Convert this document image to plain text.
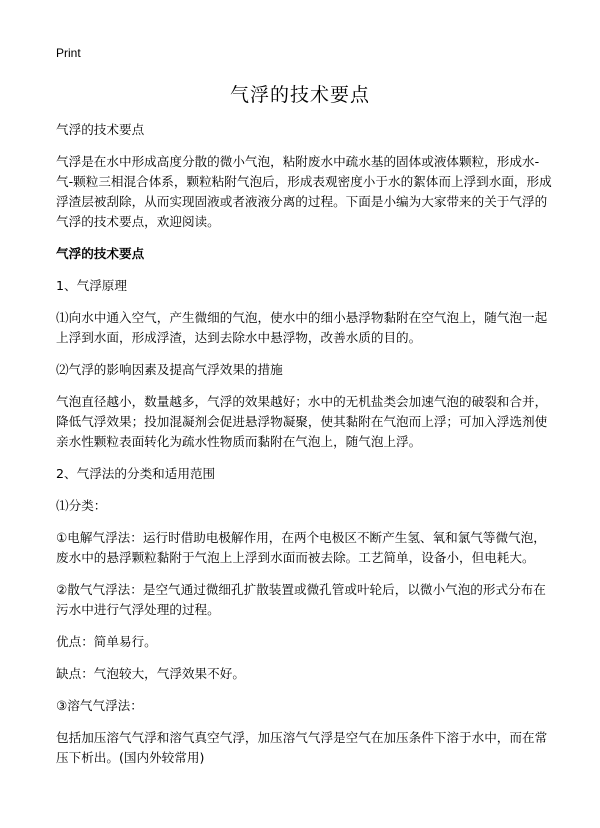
Print
气浮的技术要点

气浮的技术要点

气浮是在水中形成高度分散的微小气泡，粘附废水中疏水基的固体或液体颗粒，形成水-气-颗粒三相混合体系，颗粒粘附气泡后，形成表观密度小于水的絮体而上浮到水面，形成浮渣层被刮除，从而实现固液或者液液分离的过程。下面是小编为大家带来的关于气浮的气浮的技术要点，欢迎阅读。

气浮的技术要点

1、气浮原理

⑴向水中通入空气，产生微细的气泡，使水中的细小悬浮物黏附在空气泡上，随气泡一起上浮到水面，形成浮渣，达到去除水中悬浮物，改善水质的目的。

⑵气浮的影响因素及提高气浮效果的措施

气泡直径越小，数量越多，气浮的效果越好；水中的无机盐类会加速气泡的破裂和合并，降低气浮效果；投加混凝剂会促进悬浮物凝聚，使其黏附在气泡而上浮；可加入浮选剂使亲水性颗粒表面转化为疏水性物质而黏附在气泡上，随气泡上浮。

2、气浮法的分类和适用范围

⑴分类：

①电解气浮法：运行时借助电极解作用，在两个电极区不断产生氢、氧和氯气等微气泡，废水中的悬浮颗粒黏附于气泡上上浮到水面而被去除。工艺简单，设备小，但电耗大。

②散气气浮法：是空气通过微细孔扩散装置或微孔管或叶轮后，以微小气泡的形式分布在污水中进行气浮处理的过程。

优点：简单易行。

缺点：气泡较大，气浮效果不好。

③溶气气浮法：

包括加压溶气气浮和溶气真空气浮，加压溶气气浮是空气在加压条件下溶于水中，而在常压下析出。(国内外较常用)
